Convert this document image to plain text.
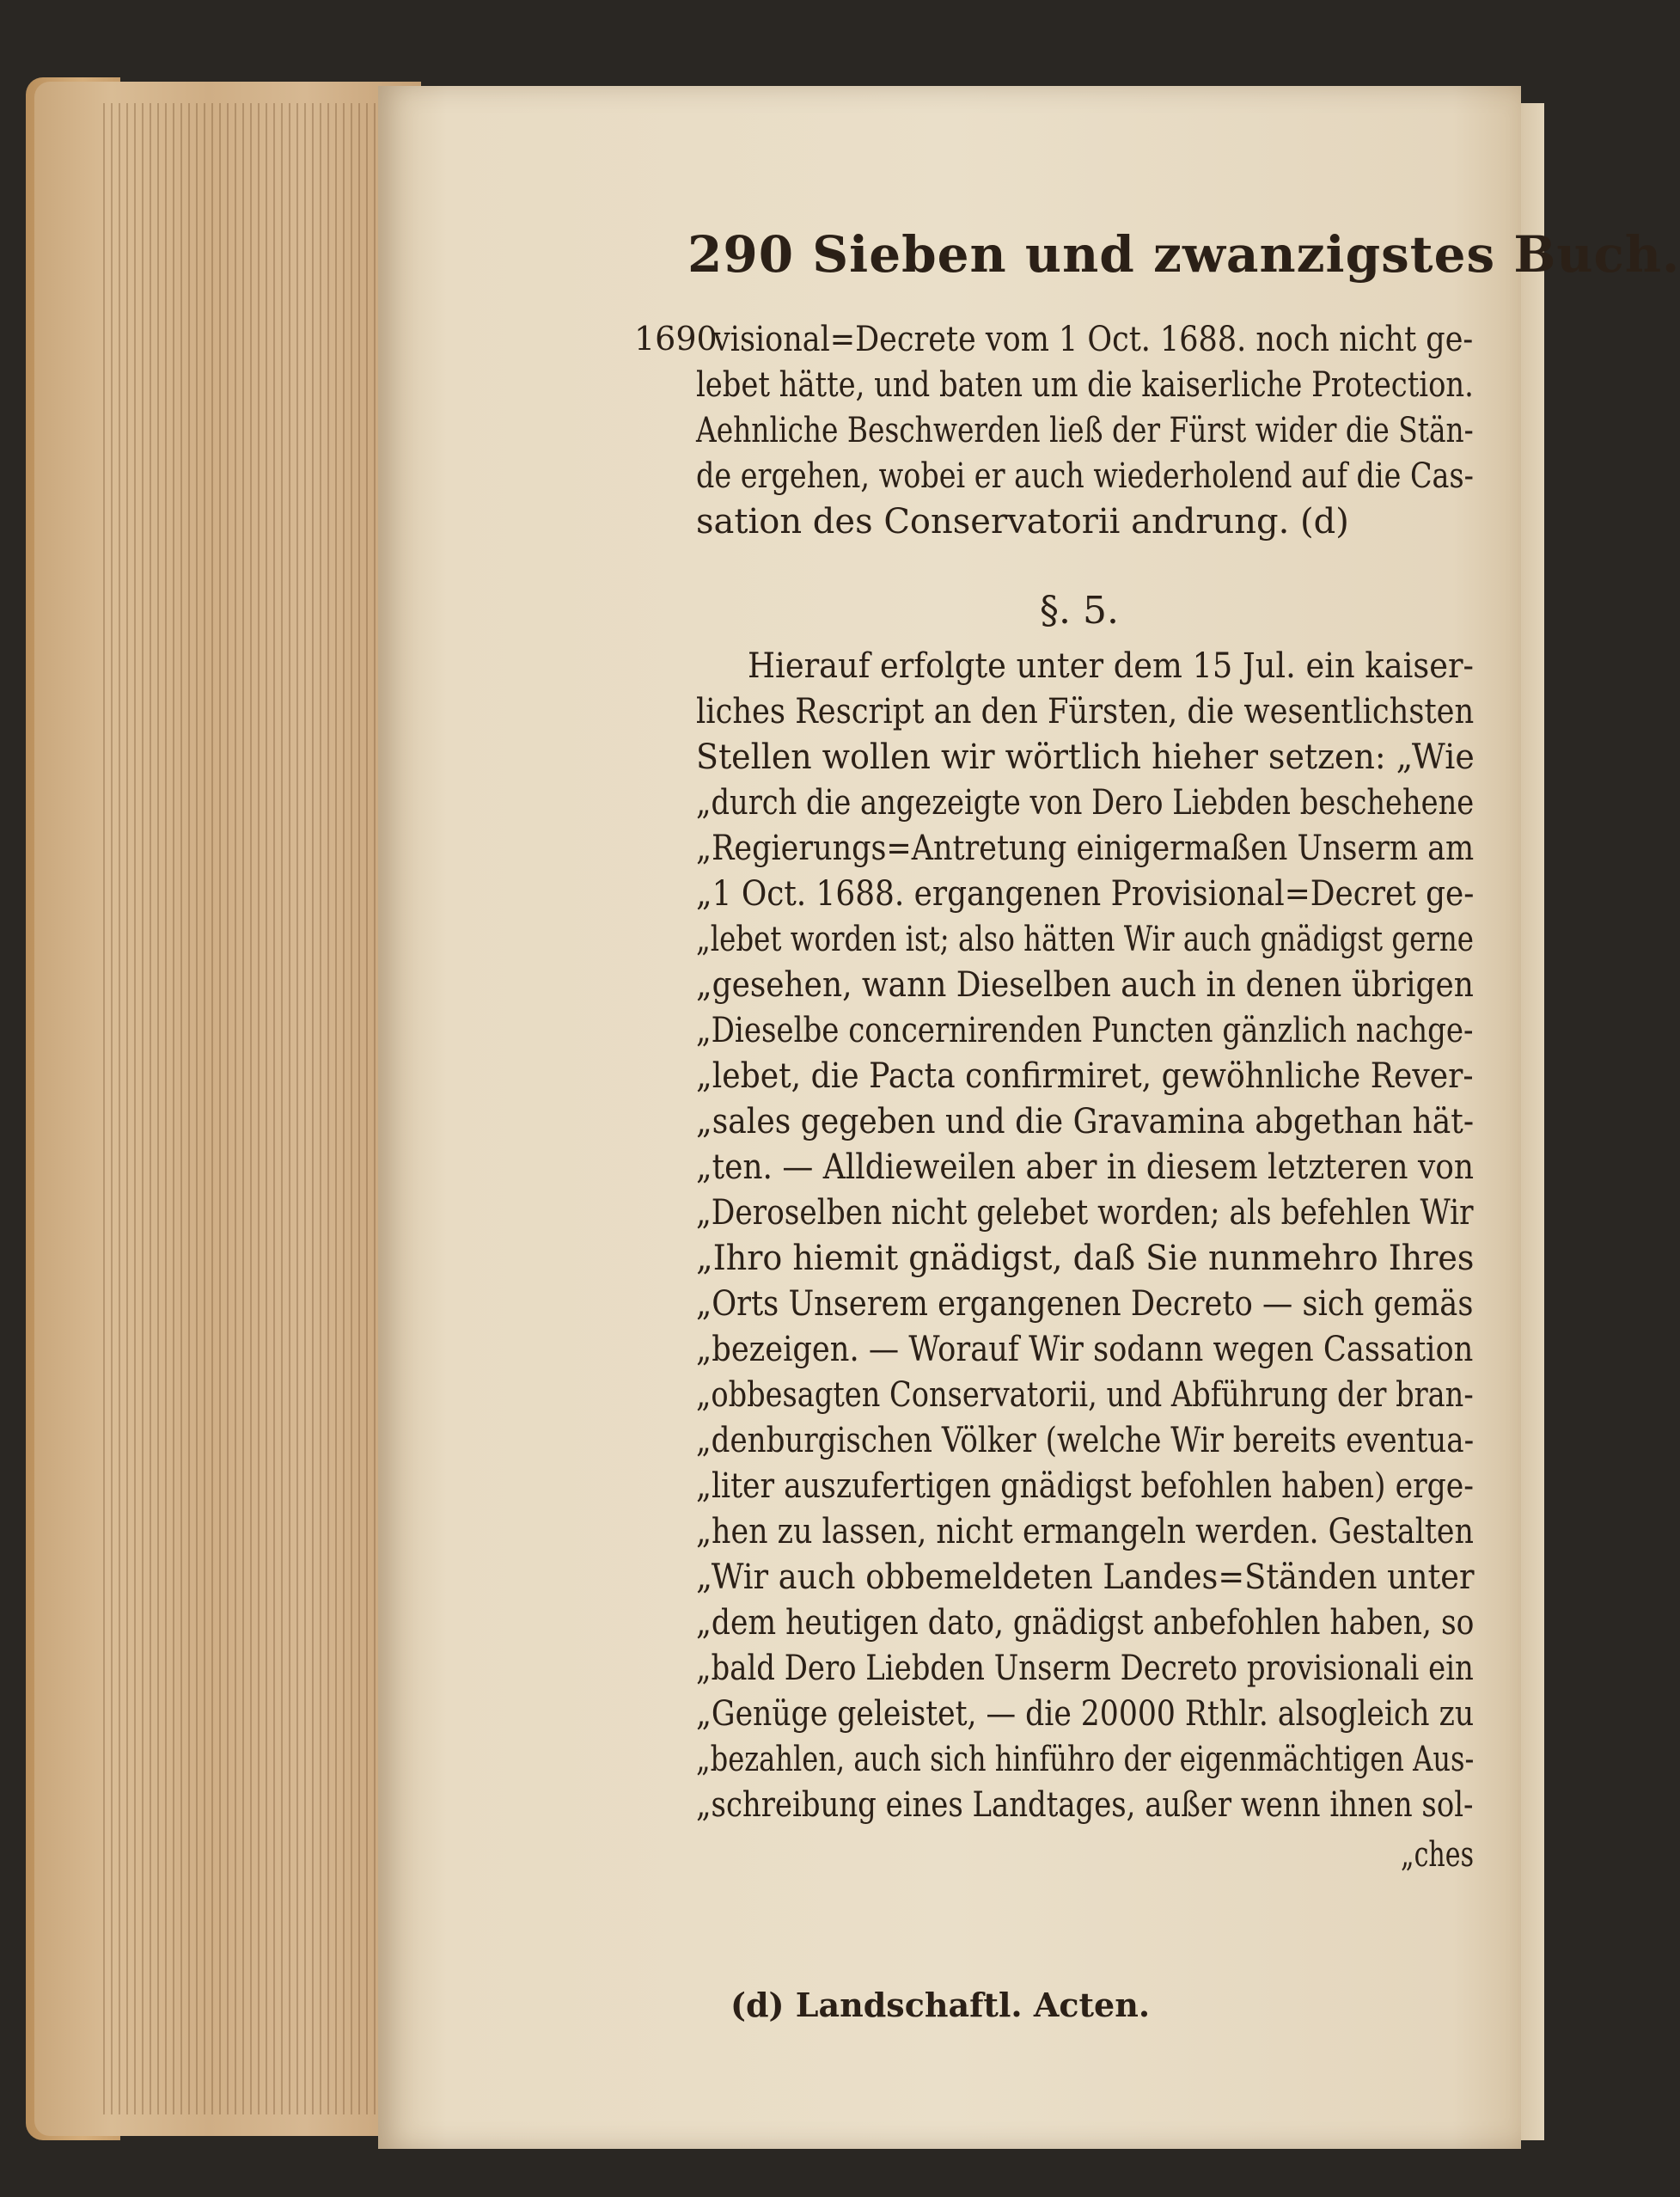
290 Sieben und zwanzigstes Buch.
1690
visional=Decrete vom 1 Oct. 1688. noch nicht ge-
lebet hätte, und baten um die kaiserliche Protection.
Aehnliche Beschwerden ließ der Fürst wider die Stän-
de ergehen, wobei er auch wiederholend auf die Cas-
sation des Conservatorii andrung. (d)
§. 5.
Hierauf erfolgte unter dem 15 Jul. ein kaiser-
liches Rescript an den Fürsten, die wesentlichsten
Stellen wollen wir wörtlich hieher setzen: „Wie
„durch die angezeigte von Dero Liebden beschehene
„Regierungs=Antretung einigermaßen Unserm am
„1 Oct. 1688. ergangenen Provisional=Decret ge-
„lebet worden ist; also hätten Wir auch gnädigst gerne
„gesehen, wann Dieselben auch in denen übrigen
„Dieselbe concernirenden Puncten gänzlich nachge-
„lebet, die Pacta confirmiret, gewöhnliche Rever-
„sales gegeben und die Gravamina abgethan hät-
„ten. — Alldieweilen aber in diesem letzteren von
„Deroselben nicht gelebet worden; als befehlen Wir
„Ihro hiemit gnädigst, daß Sie nunmehro Ihres
„Orts Unserem ergangenen Decreto — sich gemäs
„bezeigen. — Worauf Wir sodann wegen Cassation
„obbesagten Conservatorii, und Abführung der bran-
„denburgischen Völker (welche Wir bereits eventua-
„liter auszufertigen gnädigst befohlen haben) erge-
„hen zu lassen, nicht ermangeln werden. Gestalten
„Wir auch obbemeldeten Landes=Ständen unter
„dem heutigen dato, gnädigst anbefohlen haben, so
„bald Dero Liebden Unserm Decreto provisionali ein
„Genüge geleistet, — die 20000 Rthlr. alsogleich zu
„bezahlen, auch sich hinführo der eigenmächtigen Aus-
„schreibung eines Landtages, außer wenn ihnen sol-
„ches
(d) Landschaftl. Acten.
